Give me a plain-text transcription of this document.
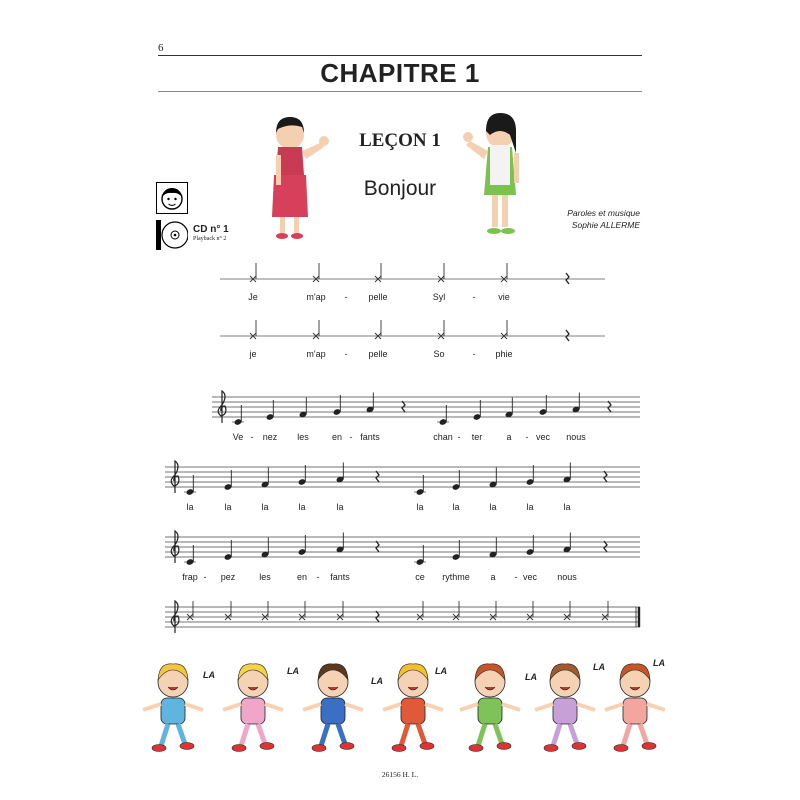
6
CHAPITRE 1
LEÇON 1
Bonjour
Paroles et musique
Sophie ALLERME
CD n° 1
Playback n° 2
Je	m'ap - pelle	Syl	-	vie
je	m'ap - pelle	So	- phie
Ve - nez les	en - fants	chan - ter	a - vec nous
la	la	la	la	la	la	la	la	la	la
frap - pez	les	en - fants	ce rythme a - vec nous
LA	LA
LA
LA
LA
LA	LA
26156 H. L.
